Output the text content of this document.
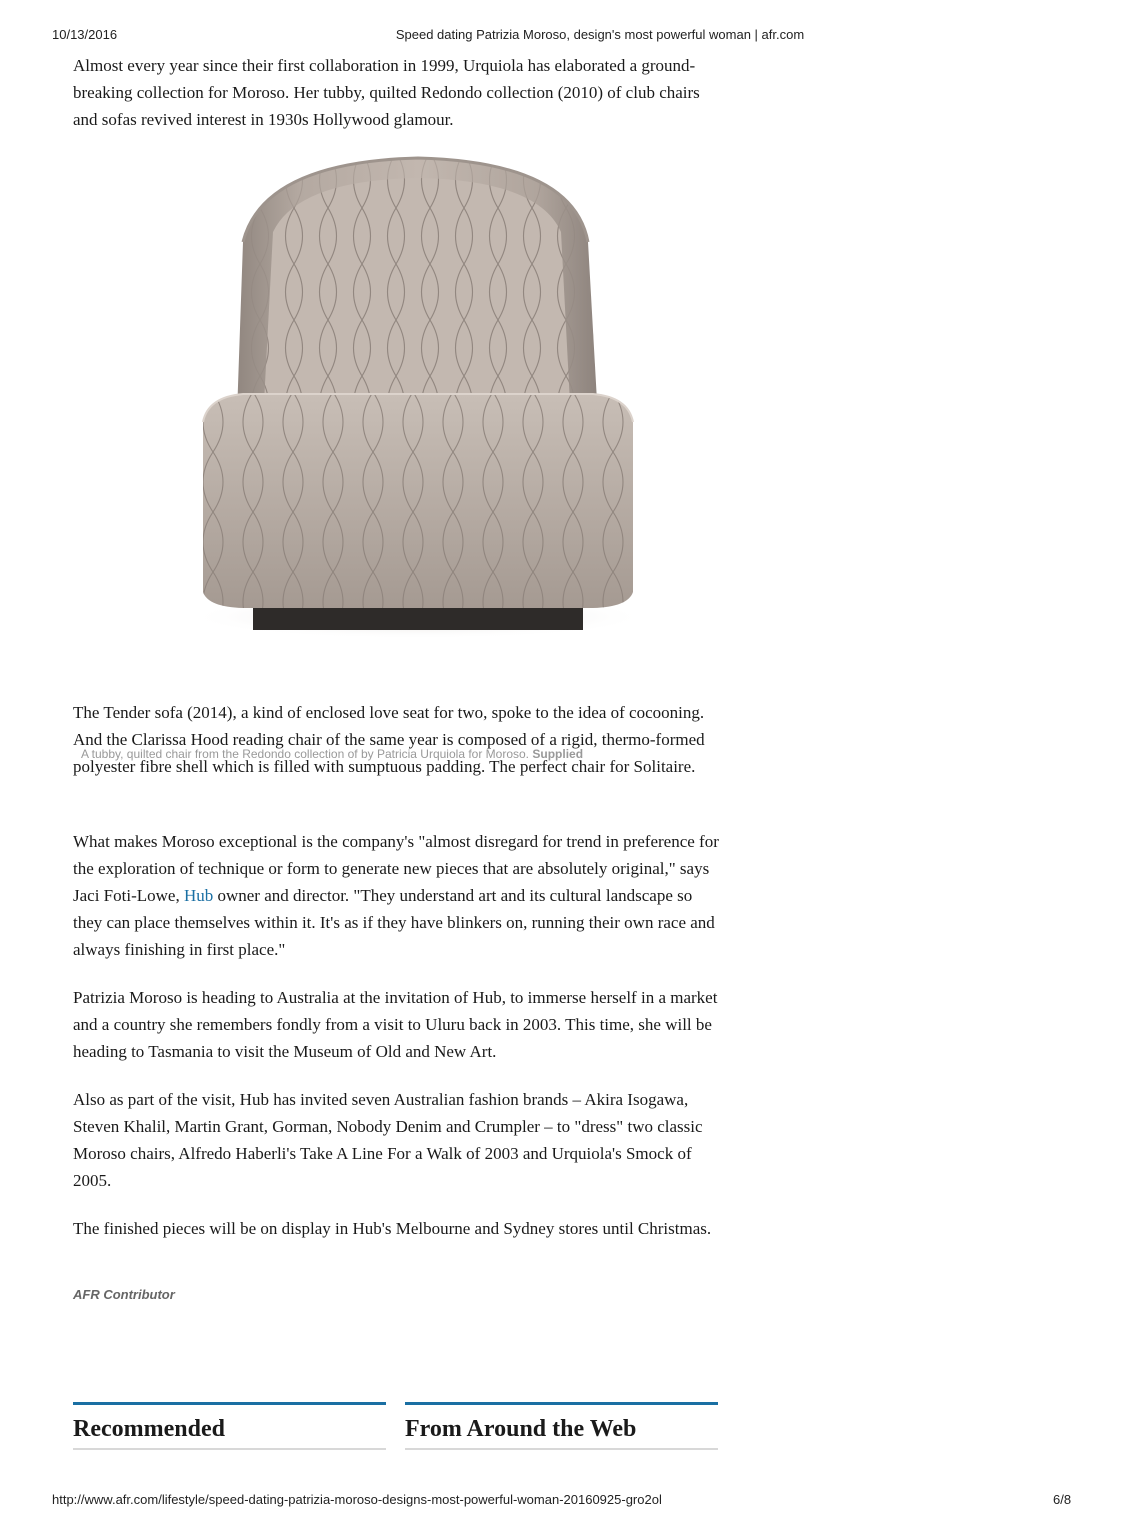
10/13/2016	Speed dating Patrizia Moroso, design's most powerful woman | afr.com

Almost every year since their first collaboration in 1999, Urquiola has elaborated a ground-breaking collection for Moroso. Her tubby, quilted Redondo collection (2010) of club chairs and sofas revived interest in 1930s Hollywood glamour.

A tubby, quilted chair from the Redondo collection of by Patricia Urquiola for Moroso. Supplied

The Tender sofa (2014), a kind of enclosed love seat for two, spoke to the idea of cocooning. And the Clarissa Hood reading chair of the same year is composed of a rigid, thermo-formed polyester fibre shell which is filled with sumptuous padding. The perfect chair for Solitaire.

What makes Moroso exceptional is the company's "almost disregard for trend in preference for the exploration of technique or form to generate new pieces that are absolutely original," says Jaci Foti-Lowe, Hub owner and director. "They understand art and its cultural landscape so they can place themselves within it. It's as if they have blinkers on, running their own race and always finishing in first place."

Patrizia Moroso is heading to Australia at the invitation of Hub, to immerse herself in a market and a country she remembers fondly from a visit to Uluru back in 2003. This time, she will be heading to Tasmania to visit the Museum of Old and New Art.

Also as part of the visit, Hub has invited seven Australian fashion brands – Akira Isogawa, Steven Khalil, Martin Grant, Gorman, Nobody Denim and Crumpler – to "dress" two classic Moroso chairs, Alfredo Haberli's Take A Line For a Walk of 2003 and Urquiola's Smock of 2005.

The finished pieces will be on display in Hub's Melbourne and Sydney stores until Christmas.

AFR Contributor
Recommended	From Around the Web
http://www.afr.com/lifestyle/speed-dating-patrizia-moroso-designs-most-powerful-woman-20160925-gro2ol	6/8
